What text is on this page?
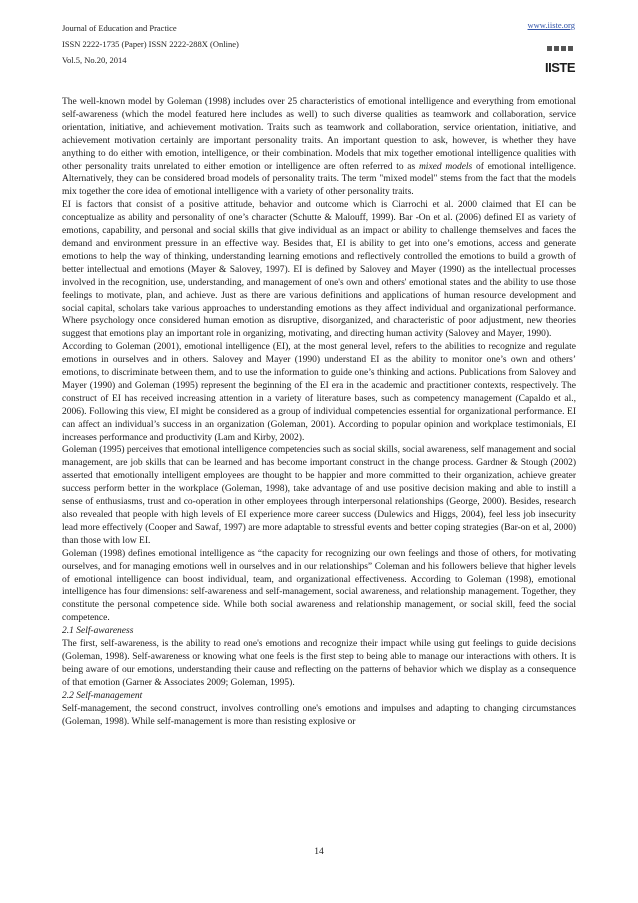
Journal of Education and Practice
ISSN 2222-1735 (Paper) ISSN 2222-288X (Online)
Vol.5, No.20, 2014
www.iiste.org
IISTE

The well-known model by Goleman (1998) includes over 25 characteristics of emotional intelligence and everything from emotional self-awareness (which the model featured here includes as well) to such diverse qualities as teamwork and collaboration, service orientation, initiative, and achievement motivation. Traits such as teamwork and collaboration, service orientation, initiative, and achievement motivation certainly are important personality traits. An important question to ask, however, is whether they have anything to do either with emotion, intelligence, or their combination. Models that mix together emotional intelligence qualities with other personality traits unrelated to either emotion or intelligence are often referred to as mixed models of emotional intelligence. Alternatively, they can be considered broad models of personality traits. The term "mixed model" stems from the fact that the models mix together the core idea of emotional intelligence with a variety of other personality traits.

EI is factors that consist of a positive attitude, behavior and outcome which is Ciarrochi et al. 2000 claimed that EI can be conceptualize as ability and personality of one’s character (Schutte & Malouff, 1999). Bar -On et al. (2006) defined EI as variety of emotions, capability, and personal and social skills that give individual as an impact or ability to challenge themselves and faces the demand and environment pressure in an effective way. Besides that, EI is ability to get into one’s emotions, access and generate emotions to help the way of thinking, understanding learning emotions and reflectively controlled the emotions to build a growth of better intellectual and emotions (Mayer & Salovey, 1997). EI is defined by Salovey and Mayer (1990) as the intellectual processes involved in the recognition, use, understanding, and management of one's own and others' emotional states and the ability to use those feelings to motivate, plan, and achieve. Just as there are various definitions and applications of human resource development and social capital, scholars take various approaches to understanding emotions as they affect individual and organizational performance. Where psychology once considered human emotion as disruptive, disorganized, and characteristic of poor adjustment, new theories suggest that emotions play an important role in organizing, motivating, and directing human activity (Salovey and Mayer, 1990).

According to Goleman (2001), emotional intelligence (EI), at the most general level, refers to the abilities to recognize and regulate emotions in ourselves and in others. Salovey and Mayer (1990) understand EI as the ability to monitor one’s own and others’ emotions, to discriminate between them, and to use the information to guide one’s thinking and actions. Publications from Salovey and Mayer (1990) and Goleman (1995) represent the beginning of the EI era in the academic and practitioner contexts, respectively. The construct of EI has received increasing attention in a variety of literature bases, such as competency management (Capaldo et al., 2006). Following this view, EI might be considered as a group of individual competencies essential for organizational performance. EI can affect an individual’s success in an organization (Goleman, 2001). According to popular opinion and workplace testimonials, EI increases performance and productivity (Lam and Kirby, 2002).

Goleman (1995) perceives that emotional intelligence competencies such as social skills, social awareness, self management and social management, are job skills that can be learned and has become important construct in the change process. Gardner & Stough (2002) asserted that emotionally intelligent employees are thought to be happier and more committed to their organization, achieve greater success perform better in the workplace (Goleman, 1998), take advantage of and use positive decision making and able to instill a sense of enthusiasms, trust and co-operation in other employees through interpersonal relationships (George, 2000). Besides, research also revealed that people with high levels of EI experience more career success (Dulewics and Higgs, 2004), feel less job insecurity lead more effectively (Cooper and Sawaf, 1997) are more adaptable to stressful events and better coping strategies (Bar-on et al, 2000) than those with low EI.

Goleman (1998) defines emotional intelligence as “the capacity for recognizing our own feelings and those of others, for motivating ourselves, and for managing emotions well in ourselves and in our relationships” Coleman and his followers believe that higher levels of emotional intelligence can boost individual, team, and organizational effectiveness. According to Goleman (1998), emotional intelligence has four dimensions: self-awareness and self-management, social awareness, and relationship management. Together, they constitute the personal competence side. While both social awareness and relationship management, or social skill, feed the social competence.

2.1 Self-awareness

The first, self-awareness, is the ability to read one's emotions and recognize their impact while using gut feelings to guide decisions (Goleman, 1998). Self-awareness or knowing what one feels is the first step to being able to manage our interactions with others. It is being aware of our emotions, understanding their cause and reflecting on the patterns of behavior which we display as a consequence of that emotion (Garner & Associates 2009; Goleman, 1995).

2.2 Self-management

Self-management, the second construct, involves controlling one's emotions and impulses and adapting to changing circumstances (Goleman, 1998). While self-management is more than resisting explosive or

14
